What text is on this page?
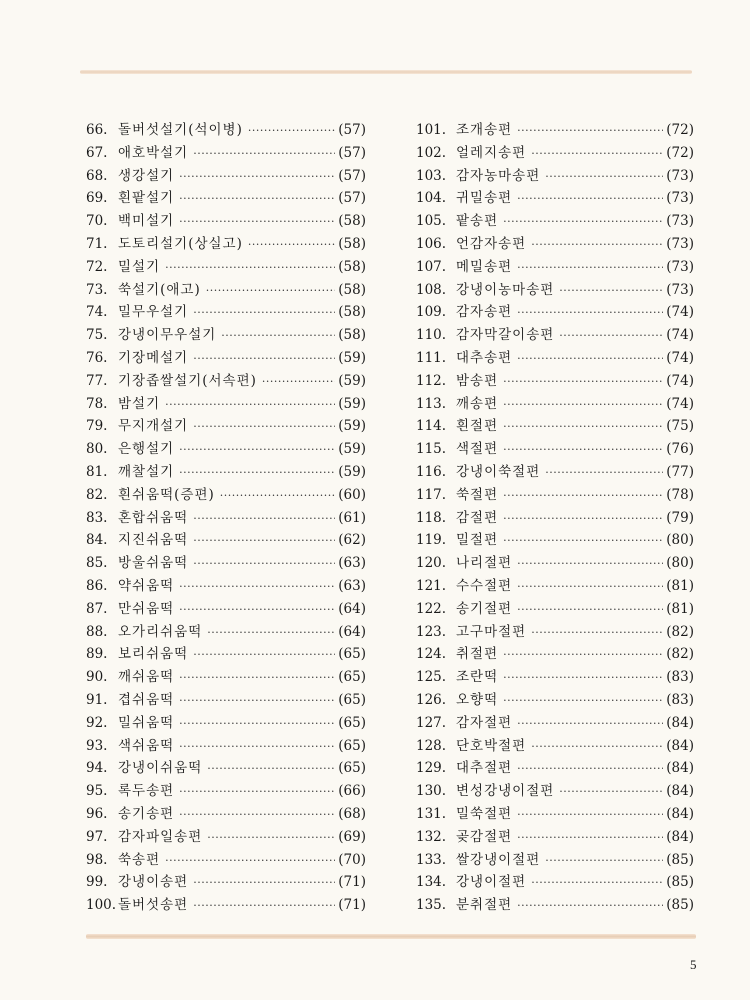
66. 돌버섯설기(석이병) ·····	(57)
67. 애호박설기 ·····	(57)
68. 생강설기 ·····	(57)
69. 흰팥설기 ·····	(57)
70. 백미설기 ·····	(58)
71. 도토리설기(상실고) ·····	(58)
72. 밀설기 ·····	(58)
73. 쑥설기(애고) ·····	(58)
74. 밀무우설기 ·····	(58)
75. 강냉이무우설기 ·····	(58)
76. 기장메설기 ·····	(59)
77. 기장좁쌀설기(서속편) ·····	(59)
78. 밤설기 ·····	(59)
79. 무지개설기 ·····	(59)
80. 은행설기 ·····	(59)
81. 깨찰설기 ·····	(59)
82. 흰쉬움떡(증편) ·····	(60)
83. 혼합쉬움떡 ·····	(61)
84. 지진쉬움떡 ·····	(62)
85. 방울쉬움떡 ·····	(63)
86. 약쉬움떡 ·····	(63)
87. 만쉬움떡 ·····	(64)
88. 오가리쉬움떡 ·····	(64)
89. 보리쉬움떡 ·····	(65)
90. 깨쉬움떡 ·····	(65)
91. 겹쉬움떡 ·····	(65)
92. 밀쉬움떡 ·····	(65)
93. 색쉬움떡 ·····	(65)
94. 강냉이쉬움떡 ·····	(65)
95. 록두송편 ·····	(66)
96. 송기송편 ·····	(68)
97. 감자파일송편 ·····	(69)
98. 쑥송편 ·····	(70)
99. 강냉이송편 ·····	(71)
100. 돌버섯송편 ·····	(71)
101. 조개송편 ·····	(72)
102. 얼레지송편 ·····	(72)
103. 감자농마송편 ·····	(73)
104. 귀밀송편 ·····	(73)
105. 팥송편 ·····	(73)
106. 언감자송편 ·····	(73)
107. 메밀송편 ·····	(73)
108. 강냉이농마송편 ·····	(73)
109. 감자송편 ·····	(74)
110. 감자막갈이송편 ·····	(74)
111. 대추송편 ·····	(74)
112. 밤송편 ·····	(74)
113. 깨송편 ·····	(74)
114. 흰절편 ·····	(75)
115. 색절편 ·····	(76)
116. 강냉이쑥절편 ·····	(77)
117. 쑥절편 ·····	(78)
118. 감절편 ·····	(79)
119. 밀절편 ·····	(80)
120. 나리절편 ·····	(80)
121. 수수절편 ·····	(81)
122. 송기절편 ·····	(81)
123. 고구마절편 ·····	(82)
124. 취절편 ·····	(82)
125. 조란떡 ·····	(83)
126. 오향떡 ·····	(83)
127. 감자절편 ·····	(84)
128. 단호박절편 ·····	(84)
129. 대추절편 ·····	(84)
130. 변성강냉이절편 ·····	(84)
131. 밀쑥절편 ·····	(84)
132. 곶감절편 ·····	(84)
133. 쌀강냉이절편 ·····	(85)
134. 강냉이절편 ·····	(85)
135. 분취절편 ·····	(85)
5
